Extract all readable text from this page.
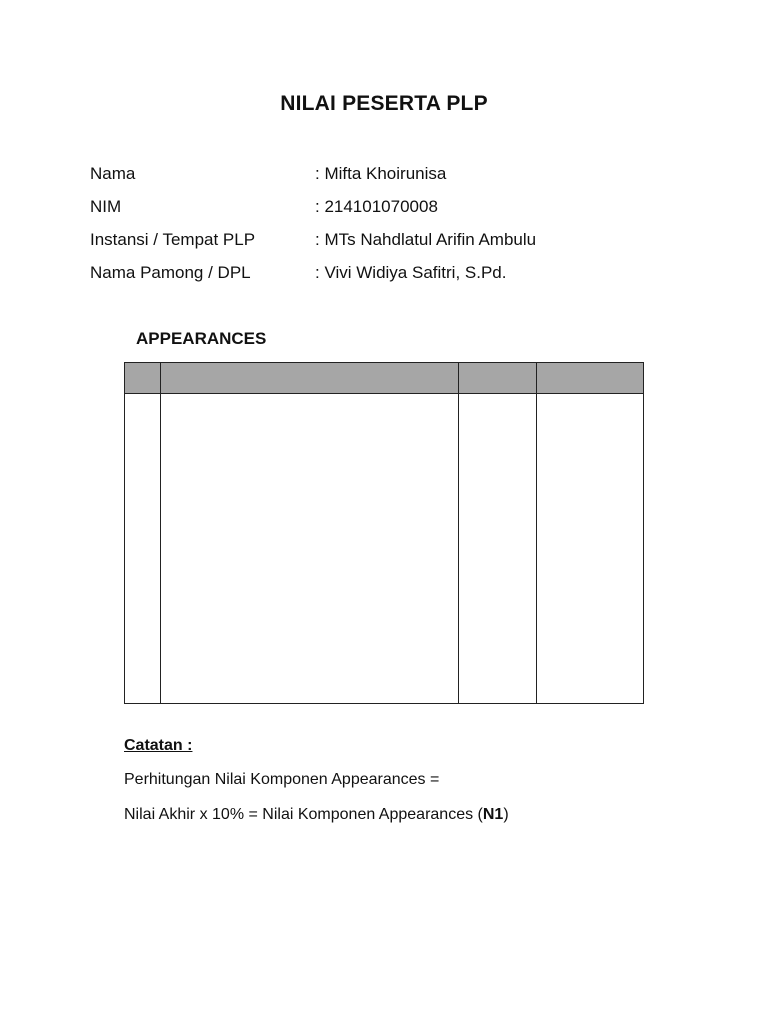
NILAI PESERTA PLP
Nama	: Mifta Khoirunisa
NIM	: 214101070008
Instansi / Tempat PLP	: MTs Nahdlatul Arifin Ambulu
Nama Pamong / DPL	: Vivi Widiya Safitri, S.Pd.
APPEARANCES
Catatan :
Perhitungan Nilai Komponen Appearances =
Nilai Akhir x 10% = Nilai Komponen Appearances (N1)
